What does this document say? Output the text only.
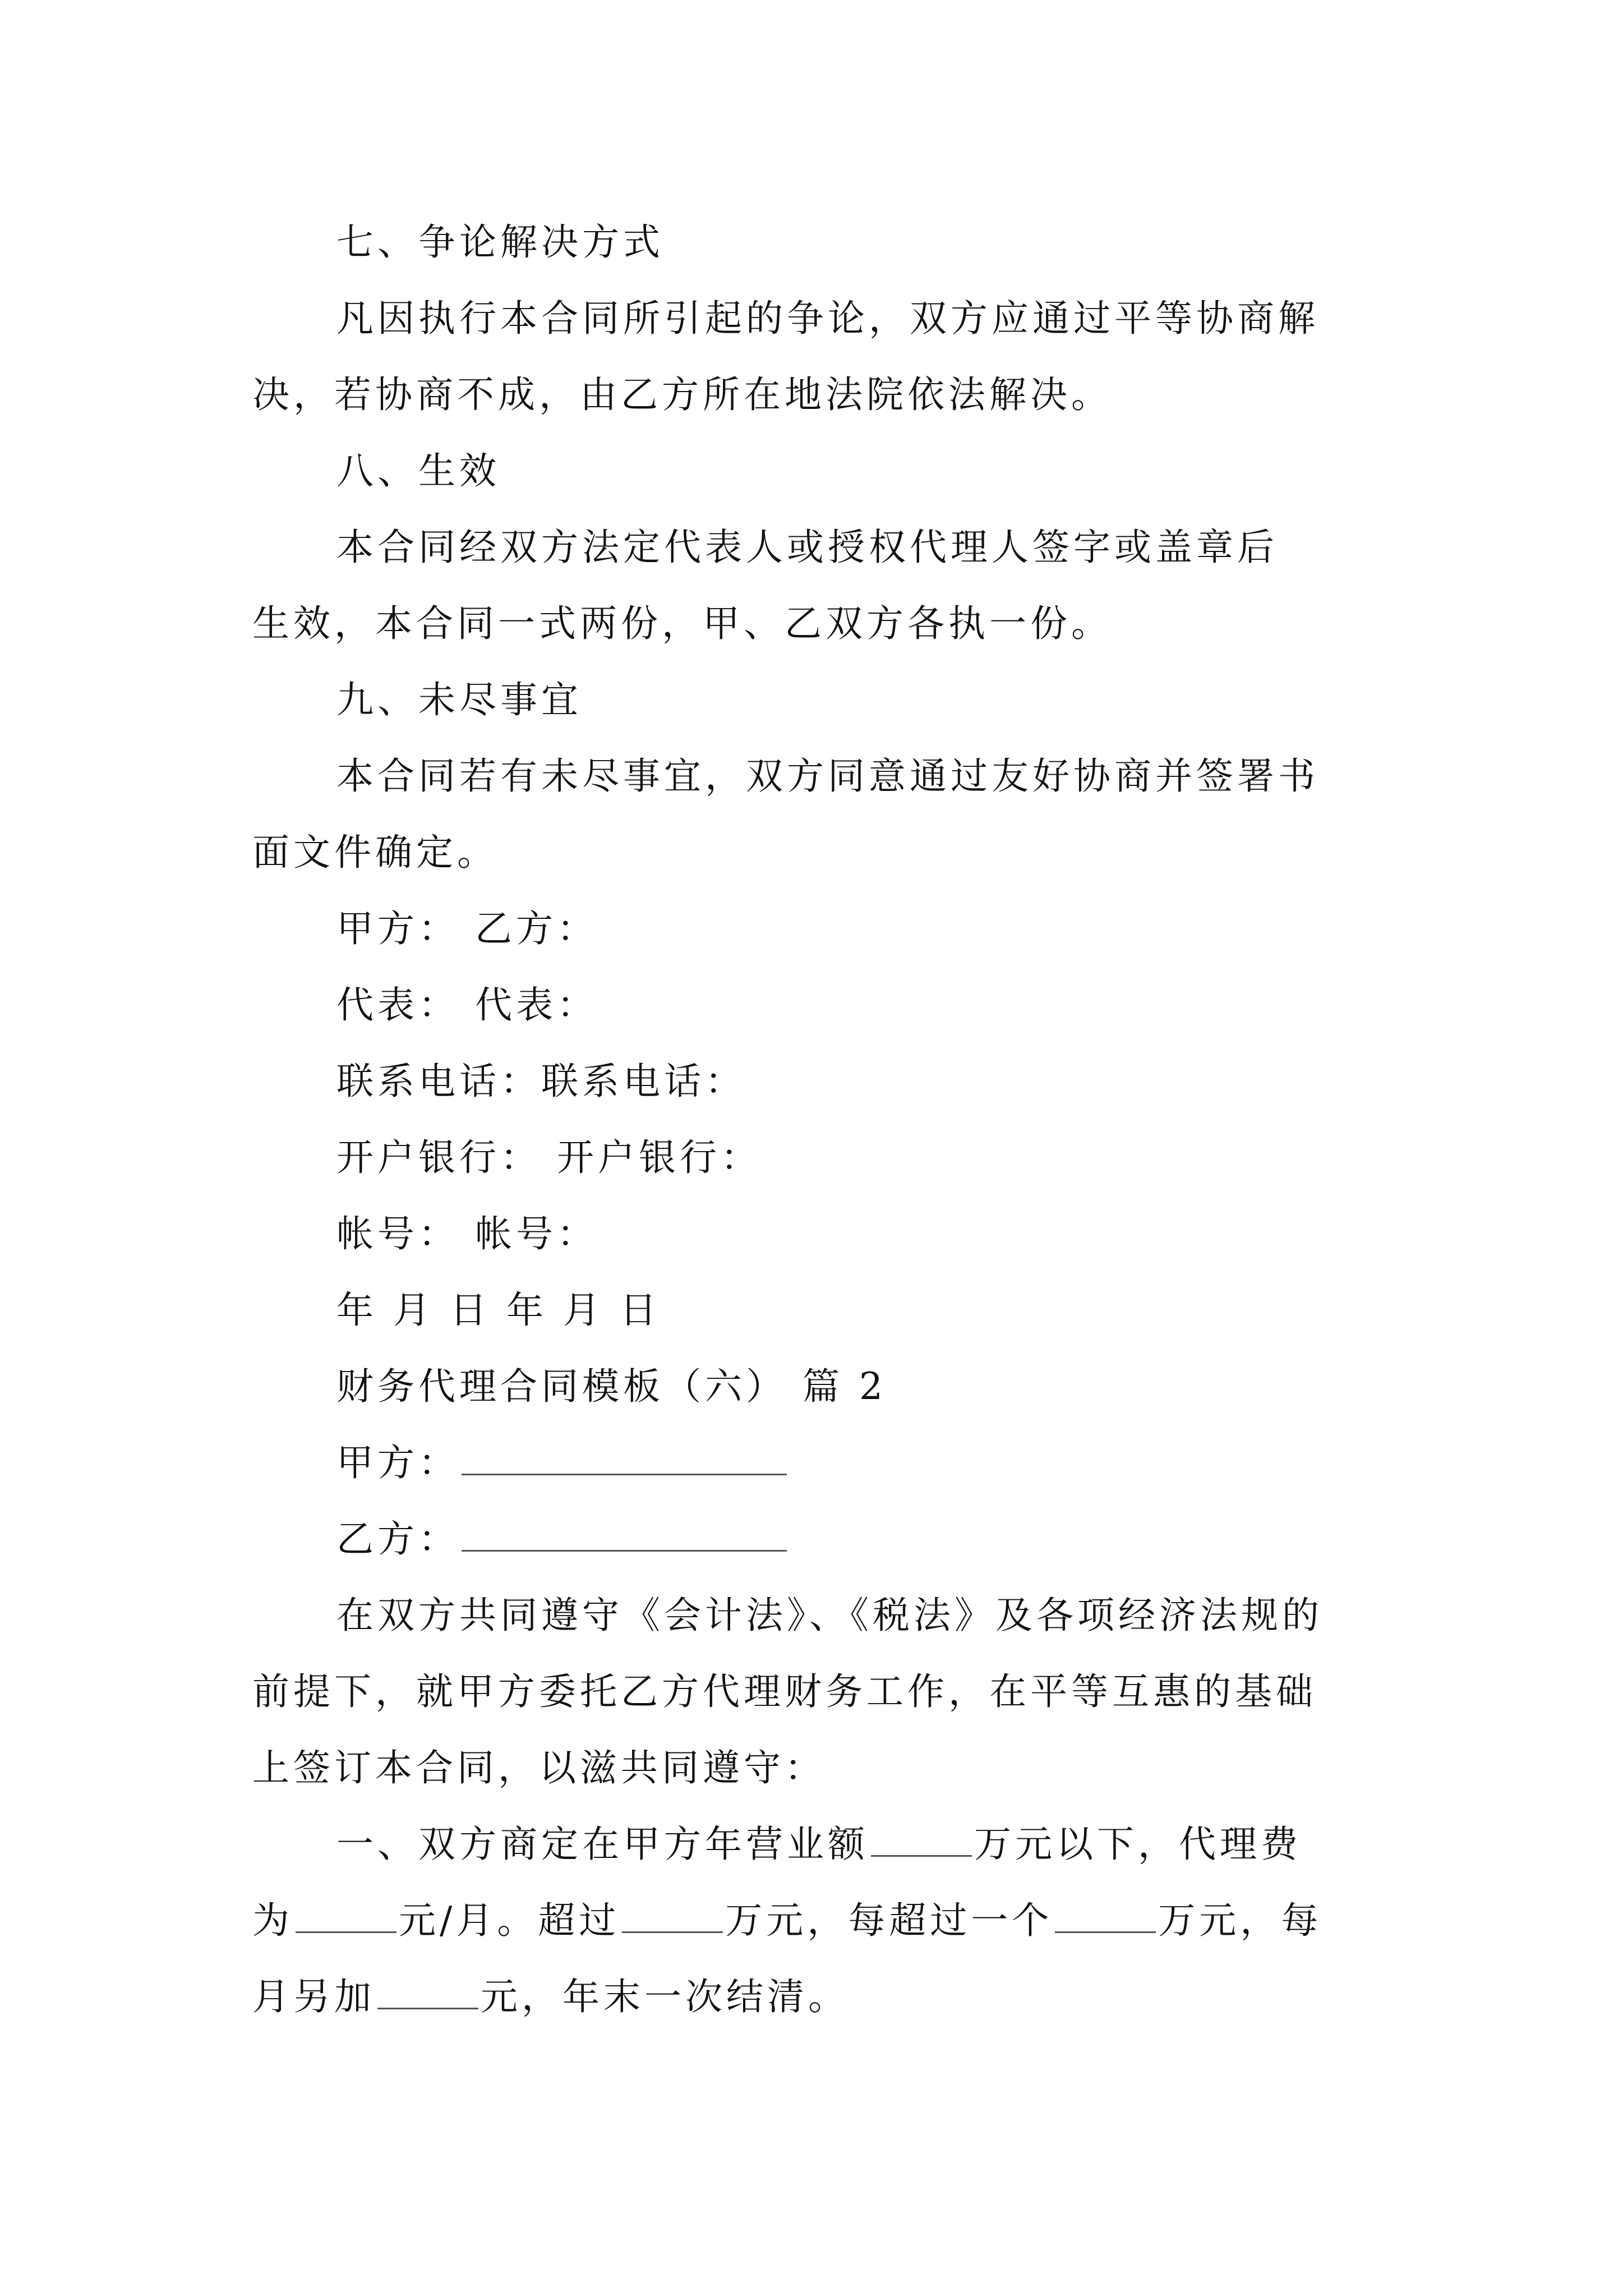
七、争论解决方式
凡因执行本合同所引起的争论，双方应通过平等协商解
决，若协商不成，由乙方所在地法院依法解决。
八、生效
本合同经双方法定代表人或授权代理人签字或盖章后
生效，本合同一式两份，甲、乙双方各执一份。
九、未尽事宜
本合同若有未尽事宜，双方同意通过友好协商并签署书
面文件确定。
甲方： 乙方：
代表： 代表：
联系电话：联系电话：
开户银行： 开户银行：
帐号： 帐号：
年 月 日 年 月 日
财务代理合同模板（六） 篇 2
甲方：
乙方：
在双方共同遵守《会计法》、《税法》及各项经济法规的
前提下，就甲方委托乙方代理财务工作，在平等互惠的基础
上签订本合同，以滋共同遵守：
一、双方商定在甲方年营业额	万元以下，代理费
为	元/月。超过	万元，每超过一个	万元，每
月另加	元，年末一次结清。
